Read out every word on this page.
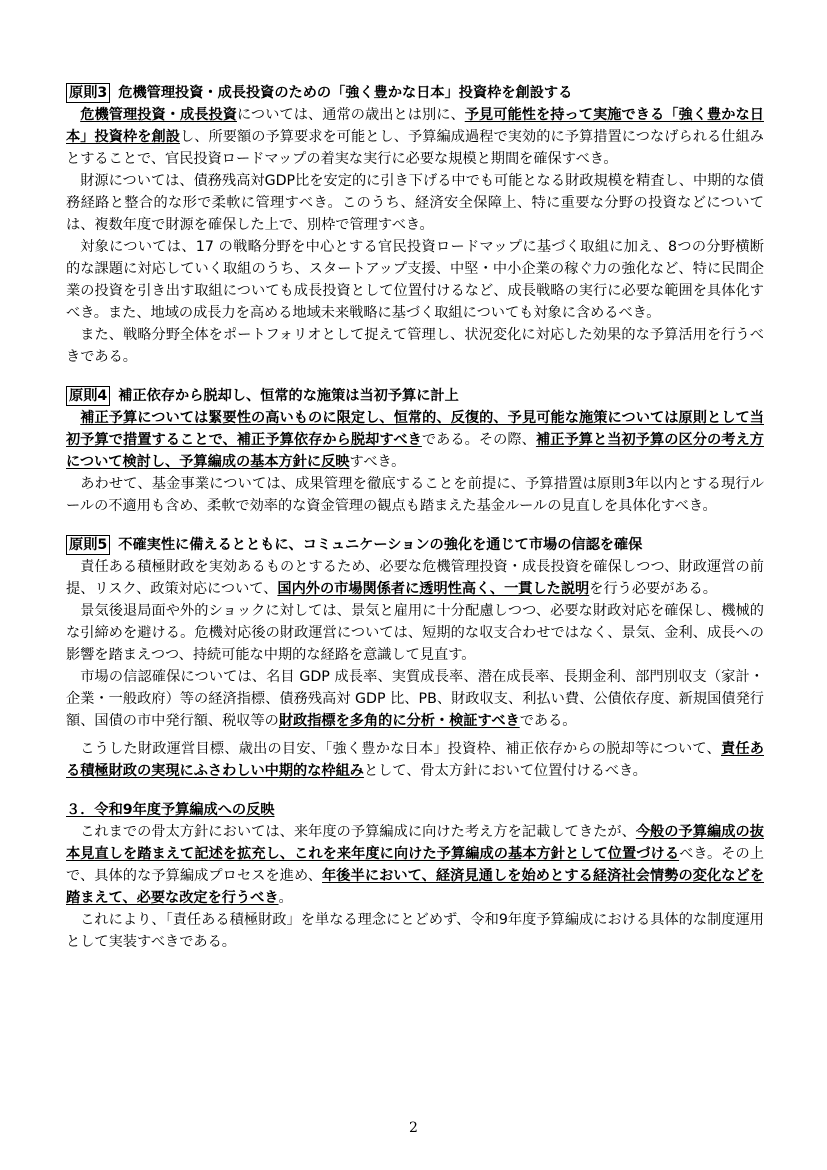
原則3 危機管理投資・成長投資のための「強く豊かな日本」投資枠を創設する

危機管理投資・成長投資については、通常の歳出とは別に、予見可能性を持って実施できる「強く豊かな日本」投資枠を創設し、所要額の予算要求を可能とし、予算編成過程で実効的に予算措置につなげられる仕組みとすることで、官民投資ロードマップの着実な実行に必要な規模と期間を確保すべき。

財源については、債務残高対GDP比を安定的に引き下げる中でも可能となる財政規模を精査し、中期的な債務経路と整合的な形で柔軟に管理すべき。このうち、経済安全保障上、特に重要な分野の投資などについては、複数年度で財源を確保した上で、別枠で管理すべき。

対象については、17 の戦略分野を中心とする官民投資ロードマップに基づく取組に加え、8つの分野横断的な課題に対応していく取組のうち、スタートアップ支援、中堅・中小企業の稼ぐ力の強化など、特に民間企業の投資を引き出す取組についても成長投資として位置付けるなど、成長戦略の実行に必要な範囲を具体化すべき。また、地域の成長力を高める地域未来戦略に基づく取組についても対象に含めるべき。

また、戦略分野全体をポートフォリオとして捉えて管理し、状況変化に対応した効果的な予算活用を行うべきである。

原則4 補正依存から脱却し、恒常的な施策は当初予算に計上

補正予算については緊要性の高いものに限定し、恒常的、反復的、予見可能な施策については原則として当初予算で措置することで、補正予算依存から脱却すべきである。その際、補正予算と当初予算の区分の考え方について検討し、予算編成の基本方針に反映すべき。

あわせて、基金事業については、成果管理を徹底することを前提に、予算措置は原則3年以内とする現行ルールの不適用も含め、柔軟で効率的な資金管理の観点も踏まえた基金ルールの見直しを具体化すべき。

原則5 不確実性に備えるとともに、コミュニケーションの強化を通じて市場の信認を確保

責任ある積極財政を実効あるものとするため、必要な危機管理投資・成長投資を確保しつつ、財政運営の前提、リスク、政策対応について、国内外の市場関係者に透明性高く、一貫した説明を行う必要がある。

景気後退局面や外的ショックに対しては、景気と雇用に十分配慮しつつ、必要な財政対応を確保し、機械的な引締めを避ける。危機対応後の財政運営については、短期的な収支合わせではなく、景気、金利、成長への影響を踏まえつつ、持続可能な中期的な経路を意識して見直す。

市場の信認確保については、名目 GDP 成長率、実質成長率、潜在成長率、長期金利、部門別収支（家計・企業・一般政府）等の経済指標、債務残高対 GDP 比、PB、財政収支、利払い費、公債依存度、新規国債発行額、国債の市中発行額、税収等の財政指標を多角的に分析・検証すべきである。

こうした財政運営目標、歳出の目安、「強く豊かな日本」投資枠、補正依存からの脱却等について、責任ある積極財政の実現にふさわしい中期的な枠組みとして、骨太方針において位置付けるべき。

３．令和9年度予算編成への反映

これまでの骨太方針においては、来年度の予算編成に向けた考え方を記載してきたが、今般の予算編成の抜本見直しを踏まえて記述を拡充し、これを来年度に向けた予算編成の基本方針として位置づけるべき。その上で、具体的な予算編成プロセスを進め、年後半において、経済見通しを始めとする経済社会情勢の変化などを踏まえて、必要な改定を行うべき。

これにより、「責任ある積極財政」を単なる理念にとどめず、令和9年度予算編成における具体的な制度運用として実装すべきである。

2
